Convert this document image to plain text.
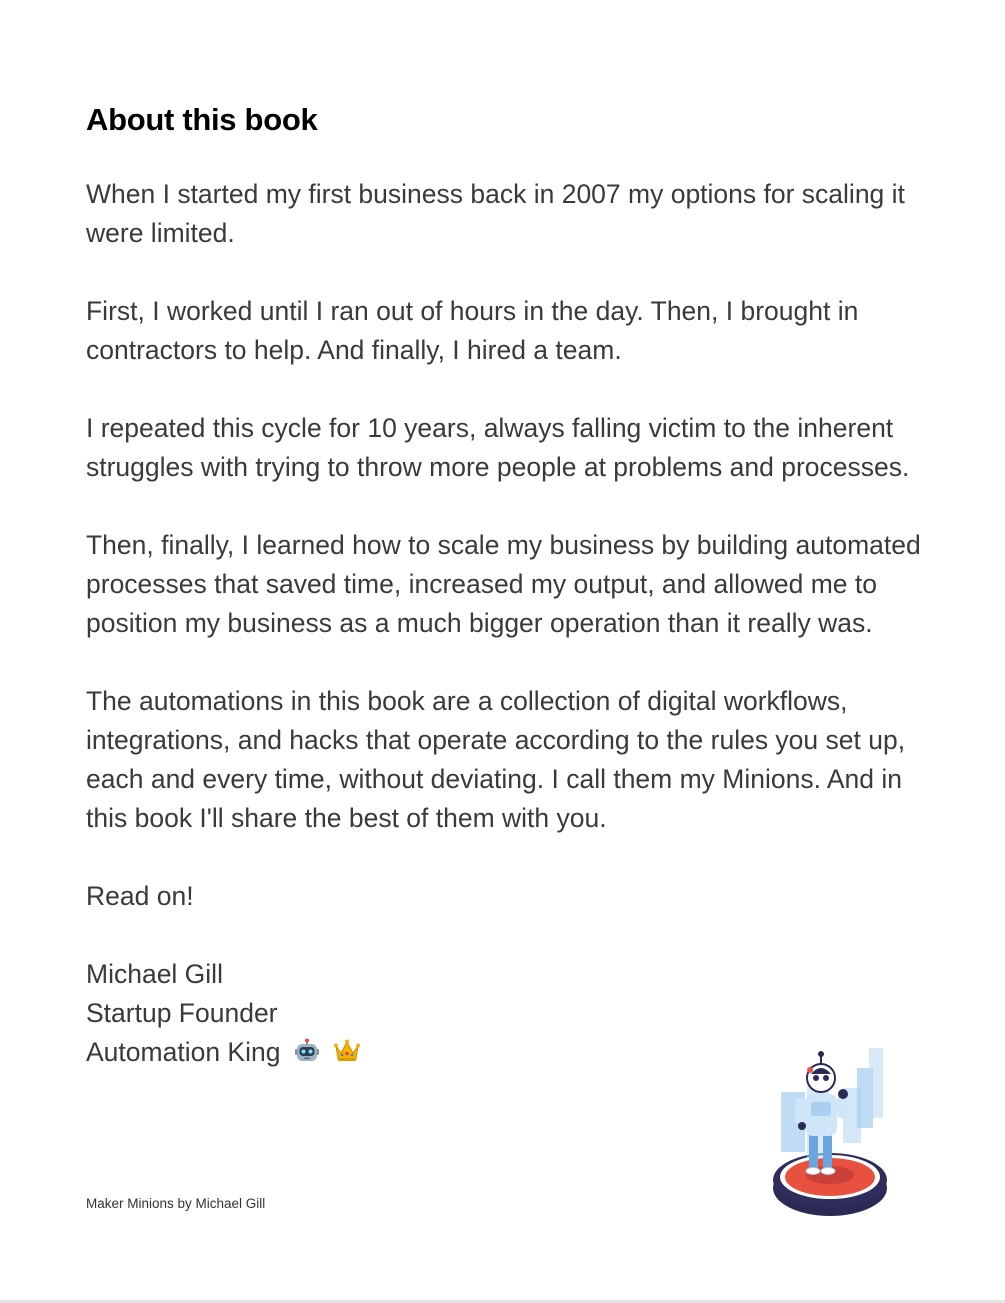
About this book

When I started my first business back in 2007 my options for scaling it were limited.

First, I worked until I ran out of hours in the day. Then, I brought in contractors to help. And finally, I hired a team.

I repeated this cycle for 10 years, always falling victim to the inherent struggles with trying to throw more people at problems and processes.

Then, finally, I learned how to scale my business by building automated processes that saved time, increased my output, and allowed me to position my business as a much bigger operation than it really was.

The automations in this book are a collection of digital workflows, integrations, and hacks that operate according to the rules you set up, each and every time, without deviating. I call them my Minions. And in this book I'll share the best of them with you.

Read on!

Michael Gill
Startup Founder
Automation King
Maker Minions by Michael Gill
